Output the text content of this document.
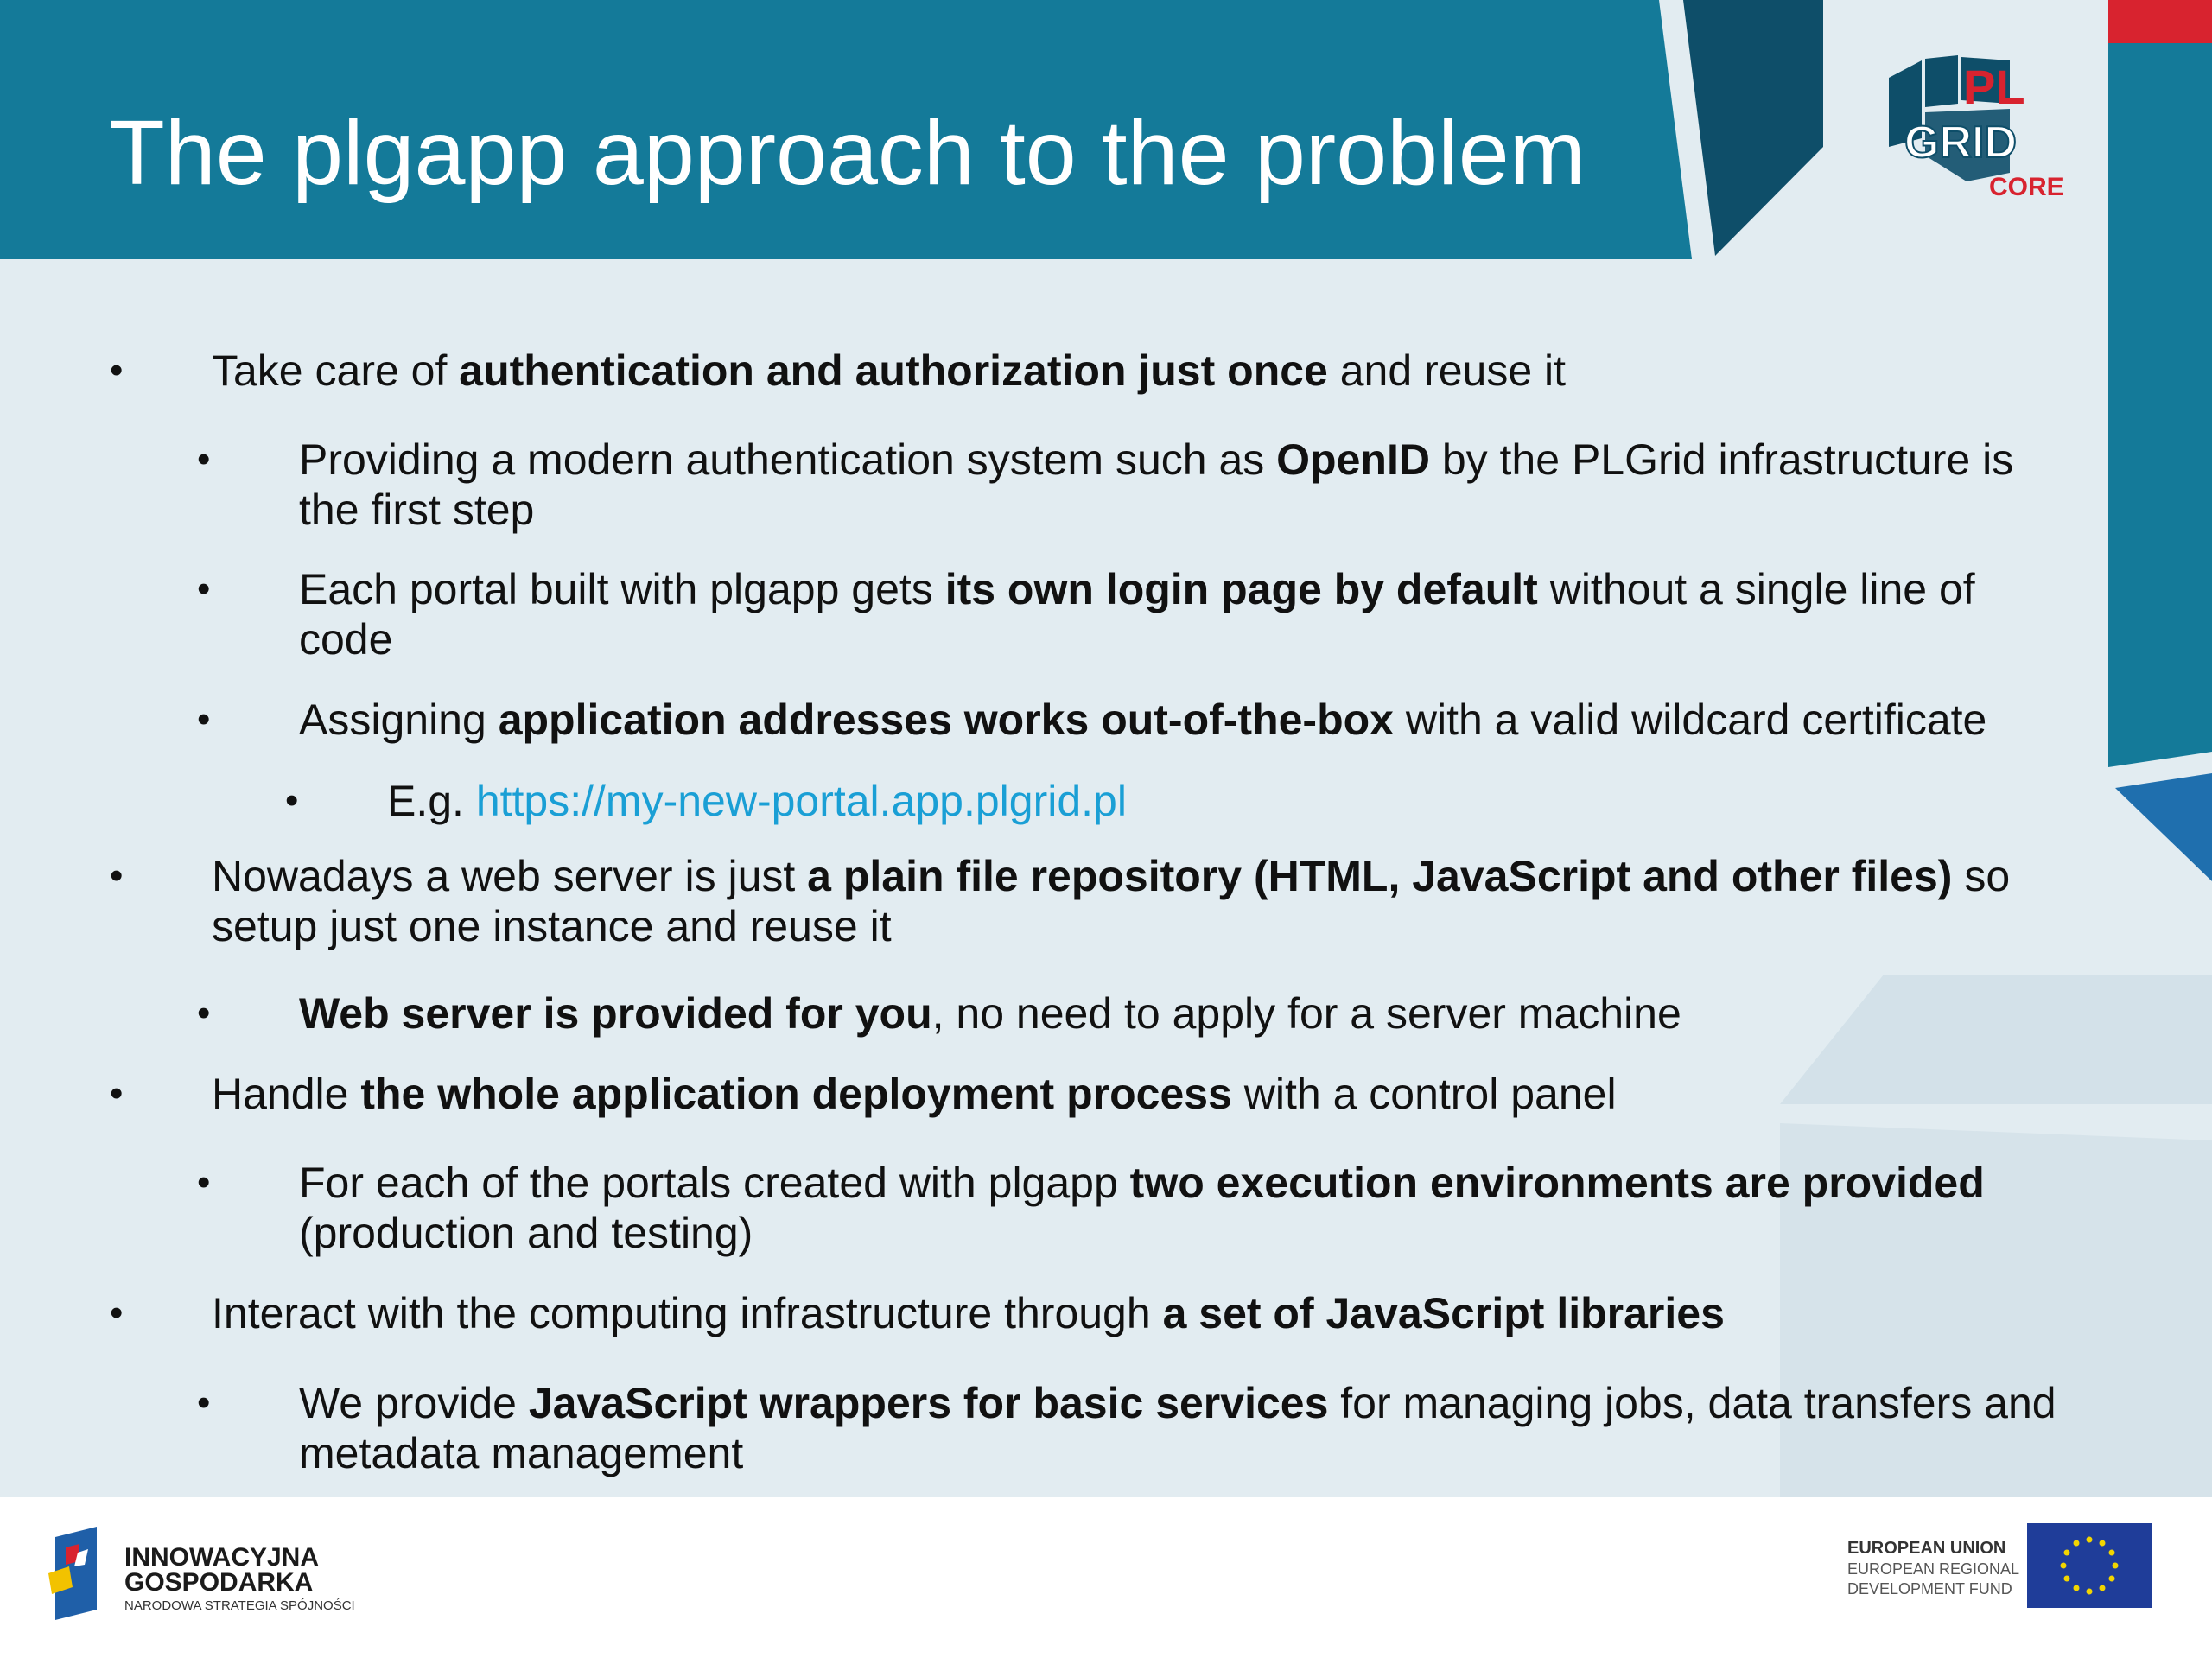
PL
GRID
CORE
The plgapp approach to the problem
• Take care of authentication and authorization just once and reuse it
• Providing a modern authentication system such as OpenID by the PLGrid infrastructure is the first step
• Each portal built with plgapp gets its own login page by default without a single line of code
• Assigning application addresses works out-of-the-box with a valid wildcard certificate
• E.g. https://my-new-portal.app.plgrid.pl
• Nowadays a web server is just a plain file repository (HTML, JavaScript and other files) so setup just one instance and reuse it
• Web server is provided for you, no need to apply for a server machine
• Handle the whole application deployment process with a control panel
• For each of the portals created with plgapp two execution environments are provided (production and testing)
• Interact with the computing infrastructure through a set of JavaScript libraries
• We provide JavaScript wrappers for basic services for managing jobs, data transfers and metadata management
INNOWACYJNA
GOSPODARKA
NARODOWA STRATEGIA SPÓJNOŚCI
EUROPEAN UNION
EUROPEAN REGIONAL
DEVELOPMENT FUND
